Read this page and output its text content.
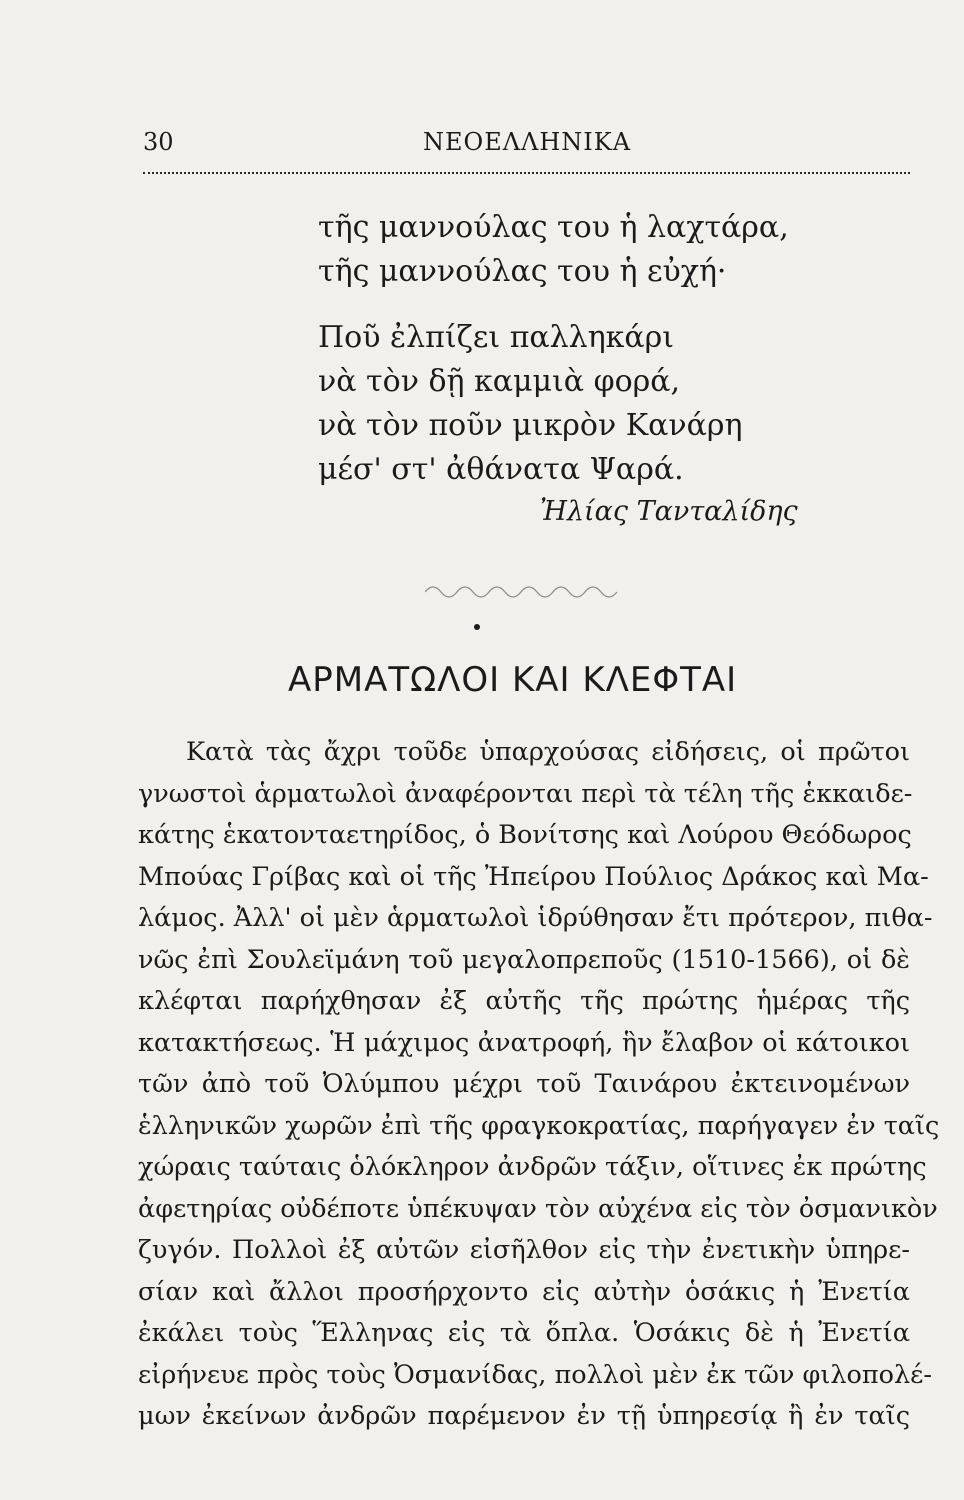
30	ΝΕΟΕΛΛΗΝΙΚΑ
τῆς μαννούλας του ἡ λαχτάρα,
τῆς μαννούλας του ἡ εὐχή·
Ποῦ ἐλπίζει παλληκάρι
νὰ τὸν δῇ καμμιὰ φορά,
νὰ τὸν ποῦν μικρὸν Κανάρη
μέσ' στ' ἀθάνατα Ψαρά.
Ἠλίας Τανταλίδης
ΑΡΜΑΤΩΛΟΙ ΚΑΙ ΚΛΕΦΤΑΙ
Κατὰ τὰς ἄχρι τοῦδε ὑπαρχούσας εἰδήσεις, οἱ πρῶτοι
γνωστοὶ ἁρματωλοὶ ἀναφέρονται περὶ τὰ τέλη τῆς ἑκκαιδε-
κάτης ἑκατονταετηρίδος, ὁ Βονίτσης καὶ Λούρου Θεόδωρος
Μπούας Γρίβας καὶ οἱ τῆς Ἠπείρου Πούλιος Δράκος καὶ Μα-
λάμος. Ἀλλ' οἱ μὲν ἁρματωλοὶ ἱδρύθησαν ἔτι πρότερον, πιθα-
νῶς ἐπὶ Σουλεϊμάνη τοῦ μεγαλοπρεποῦς (1510-1566), οἱ δὲ
κλέφται παρήχθησαν ἐξ αὐτῆς τῆς πρώτης ἡμέρας τῆς
κατακτήσεως. Ἡ μάχιμος ἀνατροφή, ἣν ἔλαβον οἱ κάτοικοι
τῶν ἀπὸ τοῦ Ὀλύμπου μέχρι τοῦ Ταινάρου ἐκτεινομένων
ἑλληνικῶν χωρῶν ἐπὶ τῆς φραγκοκρατίας, παρήγαγεν ἐν ταῖς
χώραις ταύταις ὁλόκληρον ἀνδρῶν τάξιν, οἵτινες ἐκ πρώτης
ἀφετηρίας οὐδέποτε ὑπέκυψαν τὸν αὐχένα εἰς τὸν ὀσμανικὸν
ζυγόν. Πολλοὶ ἐξ αὐτῶν εἰσῆλθον εἰς τὴν ἐνετικὴν ὑπηρε-
σίαν καὶ ἄλλοι προσήρχοντο εἰς αὐτὴν ὁσάκις ἡ Ἐνετία
ἐκάλει τοὺς Ἕλληνας εἰς τὰ ὅπλα. Ὁσάκις δὲ ἡ Ἐνετία
εἰρήνευε πρὸς τοὺς Ὀσμανίδας, πολλοὶ μὲν ἐκ τῶν φιλοπολέ-
μων ἐκείνων ἀνδρῶν παρέμενον ἐν τῇ ὑπηρεσίᾳ ἢ ἐν ταῖς
